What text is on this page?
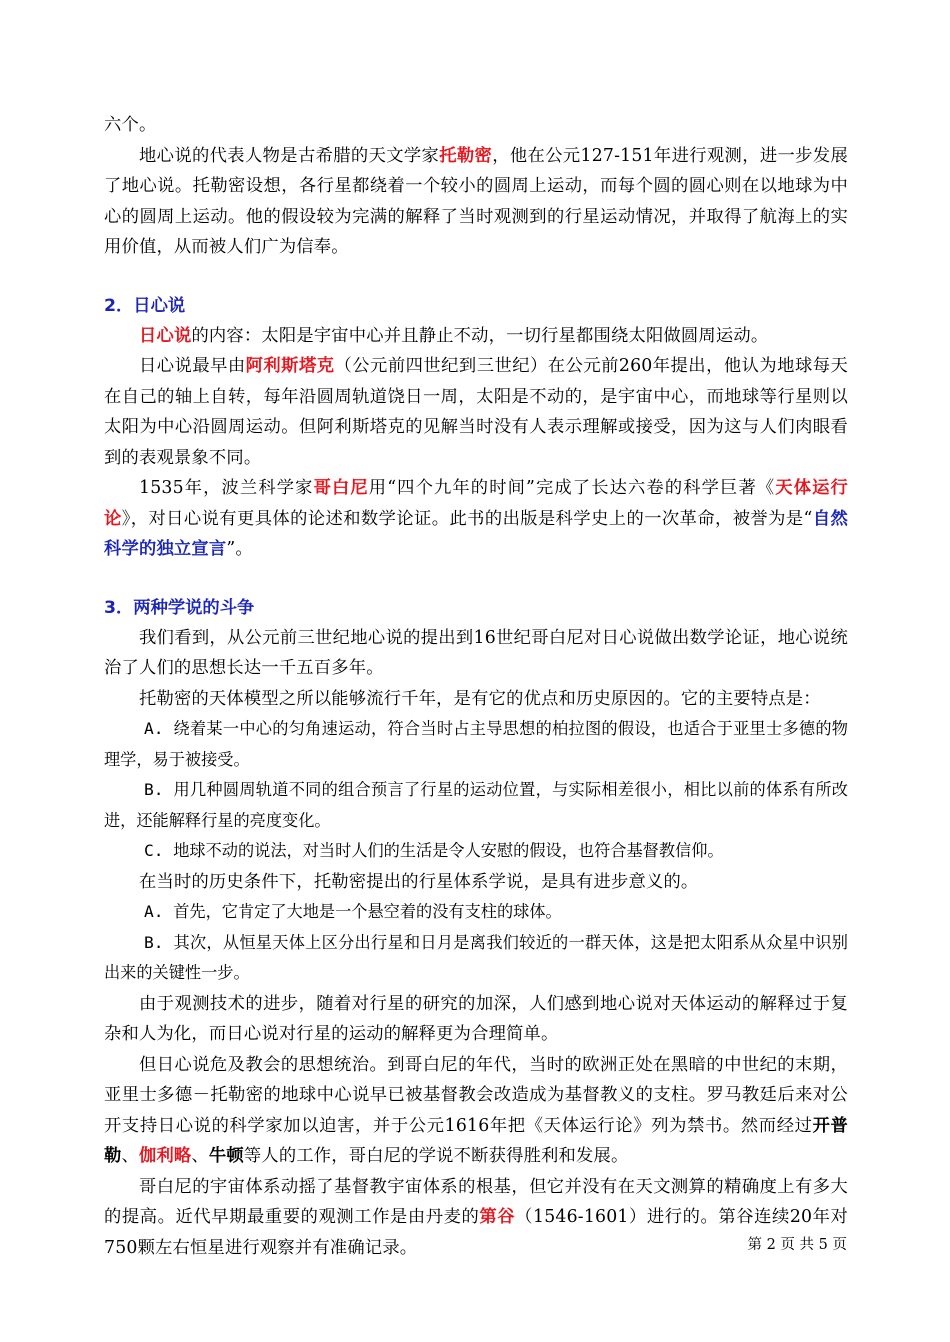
六个。

地心说的代表人物是古希腊的天文学家托勒密，他在公元127-151年进行观测，进一步发展了地心说。托勒密设想，各行星都绕着一个较小的圆周上运动，而每个圆的圆心则在以地球为中心的圆周上运动。他的假设较为完满的解释了当时观测到的行星运动情况，并取得了航海上的实用价值，从而被人们广为信奉。

2．日心说

日心说的内容：太阳是宇宙中心并且静止不动，一切行星都围绕太阳做圆周运动。

日心说最早由阿利斯塔克（公元前四世纪到三世纪）在公元前260年提出，他认为地球每天在自己的轴上自转，每年沿圆周轨道饶日一周，太阳是不动的，是宇宙中心，而地球等行星则以太阳为中心沿圆周运动。但阿利斯塔克的见解当时没有人表示理解或接受，因为这与人们肉眼看到的表观景象不同。

1535年，波兰科学家哥白尼用“四个九年的时间”完成了长达六卷的科学巨著《天体运行论》，对日心说有更具体的论述和数学论证。此书的出版是科学史上的一次革命，被誉为是“自然科学的独立宣言”。

3．两种学说的斗争

我们看到，从公元前三世纪地心说的提出到16世纪哥白尼对日心说做出数学论证，地心说统治了人们的思想长达一千五百多年。

托勒密的天体模型之所以能够流行千年，是有它的优点和历史原因的。它的主要特点是：

A. 绕着某一中心的匀角速运动，符合当时占主导思想的柏拉图的假设，也适合于亚里士多德的物理学，易于被接受。

B. 用几种圆周轨道不同的组合预言了行星的运动位置，与实际相差很小，相比以前的体系有所改进，还能解释行星的亮度变化。

C. 地球不动的说法，对当时人们的生活是令人安慰的假设，也符合基督教信仰。

在当时的历史条件下，托勒密提出的行星体系学说，是具有进步意义的。

A. 首先，它肯定了大地是一个悬空着的没有支柱的球体。

B. 其次，从恒星天体上区分出行星和日月是离我们较近的一群天体，这是把太阳系从众星中识别出来的关键性一步。

由于观测技术的进步，随着对行星的研究的加深，人们感到地心说对天体运动的解释过于复杂和人为化，而日心说对行星的运动的解释更为合理简单。

但日心说危及教会的思想统治。到哥白尼的年代，当时的欧洲正处在黑暗的中世纪的末期，亚里士多德－托勒密的地球中心说早已被基督教会改造成为基督教义的支柱。罗马教廷后来对公开支持日心说的科学家加以迫害，并于公元1616年把《天体运行论》列为禁书。然而经过开普勒、伽利略、牛顿等人的工作，哥白尼的学说不断获得胜利和发展。

哥白尼的宇宙体系动摇了基督教宇宙体系的根基，但它并没有在天文测算的精确度上有多大的提高。近代早期最重要的观测工作是由丹麦的第谷（1546-1601）进行的。第谷连续20年对750颗左右恒星进行观察并有准确记录。	第 2 页 共 5 页
